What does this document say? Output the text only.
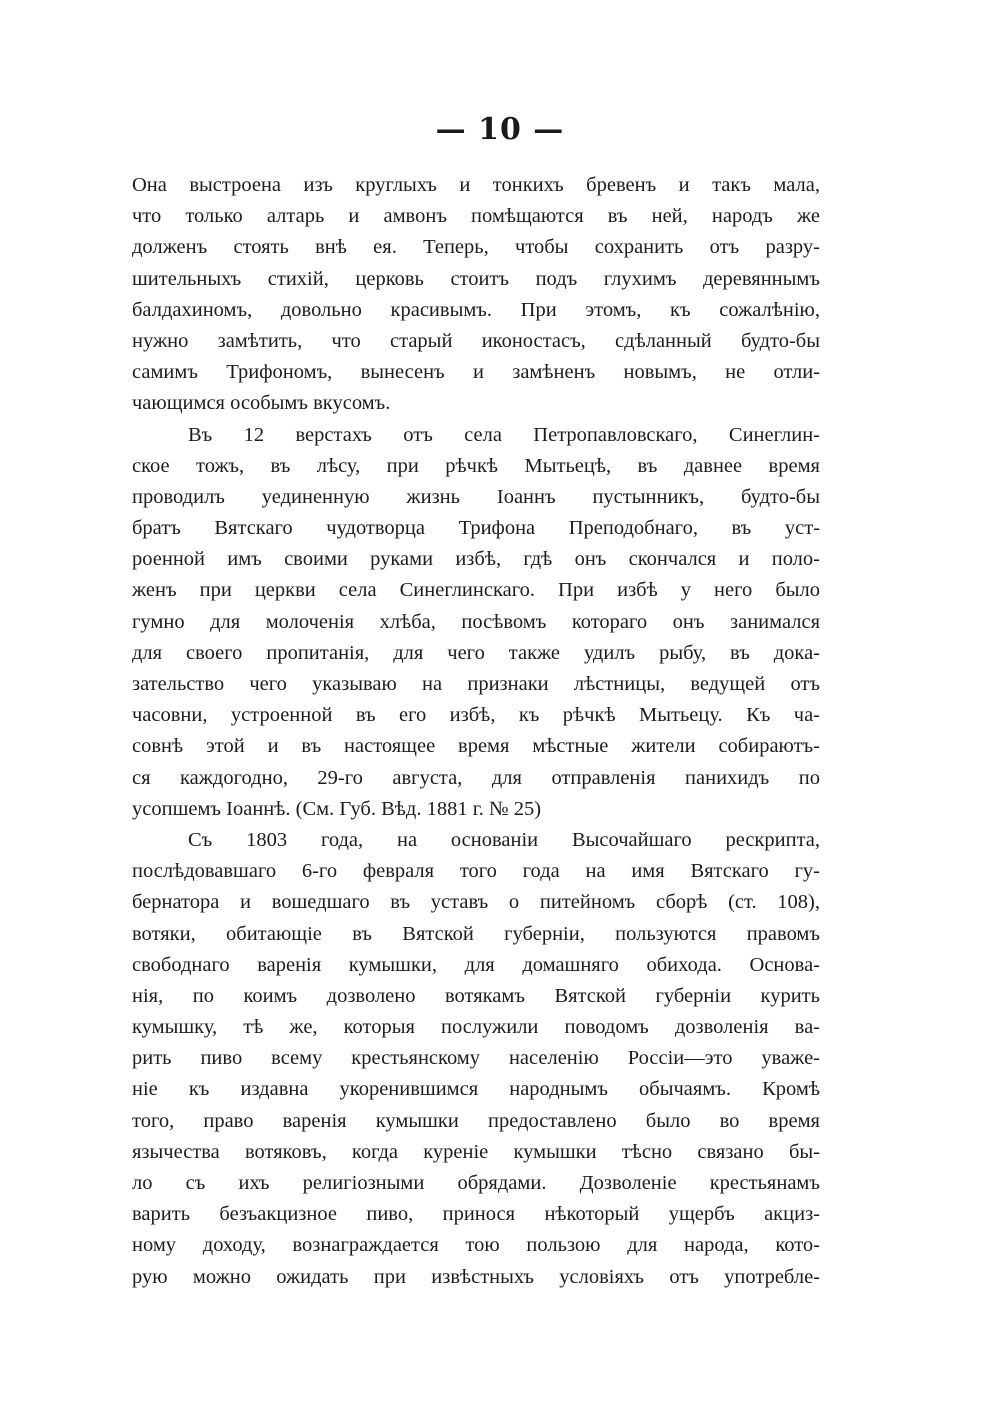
— 10 —
Она выстроена изъ круглыхъ и тонкихъ бревенъ и такъ мала,
что только алтарь и амвонъ помѣщаются въ ней, народъ же
долженъ стоять внѣ ея. Теперь, чтобы сохранить отъ разру-
шительныхъ стихій, церковь стоитъ подъ глухимъ деревяннымъ
балдахиномъ, довольно красивымъ. При этомъ, къ сожалѣнію,
нужно замѣтить, что старый иконостасъ, сдѣланный будто-бы
самимъ Трифономъ, вынесенъ и замѣненъ новымъ, не отли-
чающимся особымъ вкусомъ.
Въ 12 верстахъ отъ села Петропавловскаго, Синеглин-
ское тожъ, въ лѣсу, при рѣчкѣ Мытьецѣ, въ давнее время
проводилъ уединенную жизнь Іоаннъ пустынникъ, будто-бы
братъ Вятскаго чудотворца Трифона Преподобнаго, въ уст-
роенной имъ своими руками избѣ, гдѣ онъ скончался и поло-
женъ при церкви села Синеглинскаго. При избѣ у него было
гумно для молоченія хлѣба, посѣвомъ котораго онъ занимался
для своего пропитанія, для чего также удилъ рыбу, въ дока-
зательство чего указываю на признаки лѣстницы, ведущей отъ
часовни, устроенной въ его избѣ, къ рѣчкѣ Мытьецу. Къ ча-
совнѣ этой и въ настоящее время мѣстные жители собираютъ-
ся каждогодно, 29-го августа, для отправленія панихидъ по
усопшемъ Іоаннѣ. (См. Губ. Вѣд. 1881 г. № 25)
Съ 1803 года, на основаніи Высочайшаго рескрипта,
послѣдовавшаго 6-го февраля того года на имя Вятскаго гу-
бернатора и вошедшаго въ уставъ о питейномъ сборѣ (ст. 108),
вотяки, обитающіе въ Вятской губерніи, пользуются правомъ
свободнаго варенія кумышки, для домашняго обихода. Основа-
нія, по коимъ дозволено вотякамъ Вятской губерніи курить
кумышку, тѣ же, которыя послужили поводомъ дозволенія ва-
рить пиво всему крестьянскому населенію Россіи—это уваже-
ніе къ издавна укоренившимся народнымъ обычаямъ. Кромѣ
того, право варенія кумышки предоставлено было во время
язычества вотяковъ, когда куреніе кумышки тѣсно связано бы-
ло съ ихъ религіозными обрядами. Дозволеніе крестьянамъ
варить безъакцизное пиво, принося нѣкоторый ущербъ акциз-
ному доходу, вознаграждается тою пользою для народа, кото-
рую можно ожидать при извѣстныхъ условіяхъ отъ употребле-
